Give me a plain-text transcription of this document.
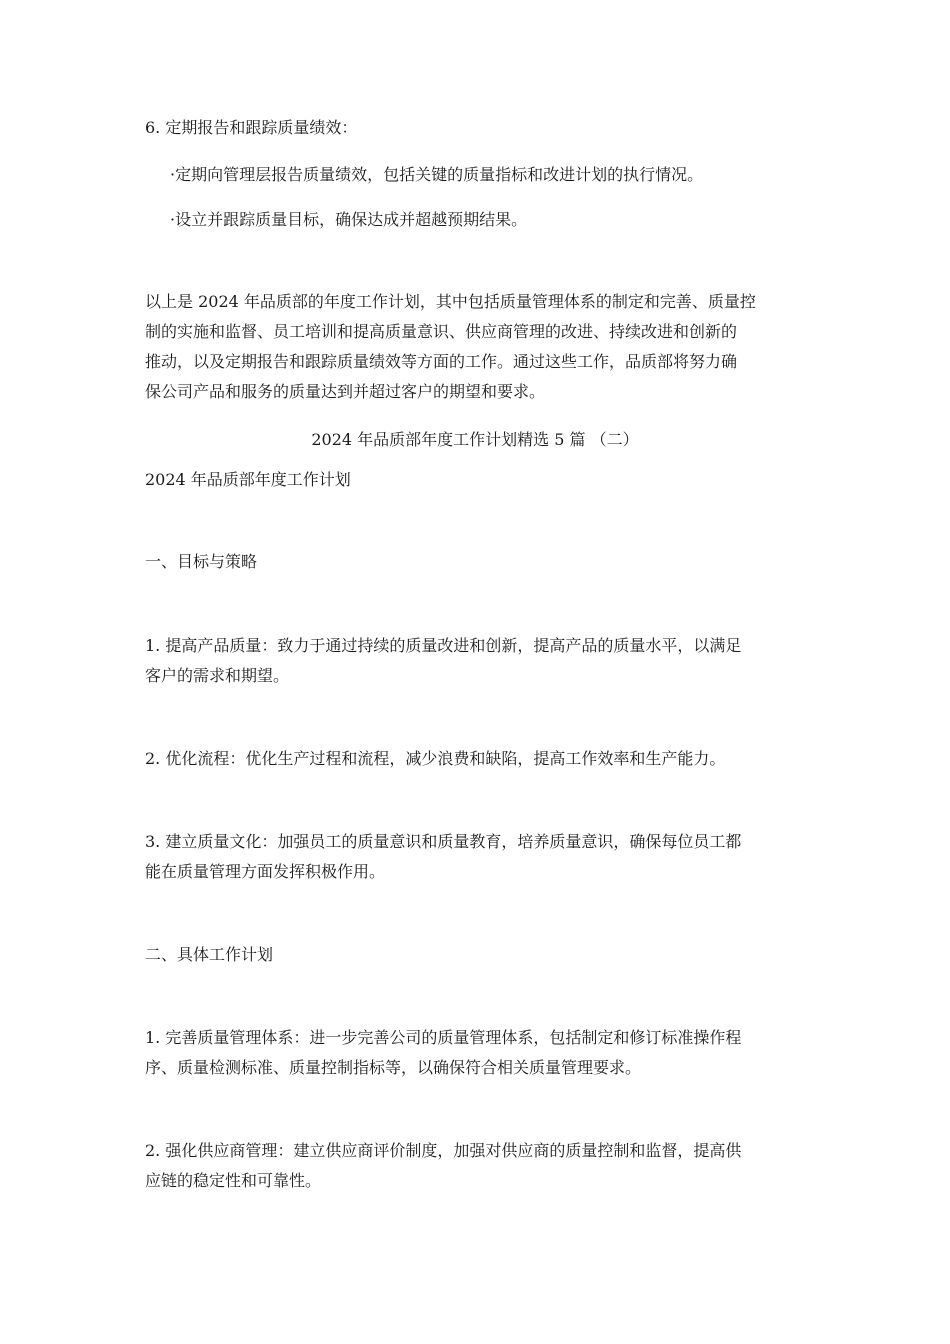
6. 定期报告和跟踪质量绩效：
·定期向管理层报告质量绩效，包括关键的质量指标和改进计划的执行情况。
·设立并跟踪质量目标，确保达成并超越预期结果。
以上是 2024 年品质部的年度工作计划，其中包括质量管理体系的制定和完善、质量控
制的实施和监督、员工培训和提高质量意识、供应商管理的改进、持续改进和创新的
推动，以及定期报告和跟踪质量绩效等方面的工作。通过这些工作，品质部将努力确
保公司产品和服务的质量达到并超过客户的期望和要求。
2024 年品质部年度工作计划精选 5 篇 （二）
2024 年品质部年度工作计划
一、目标与策略
1. 提高产品质量：致力于通过持续的质量改进和创新，提高产品的质量水平，以满足
客户的需求和期望。
2. 优化流程：优化生产过程和流程，减少浪费和缺陷，提高工作效率和生产能力。
3. 建立质量文化：加强员工的质量意识和质量教育，培养质量意识，确保每位员工都
能在质量管理方面发挥积极作用。
二、具体工作计划
1. 完善质量管理体系：进一步完善公司的质量管理体系，包括制定和修订标准操作程
序、质量检测标准、质量控制指标等，以确保符合相关质量管理要求。
2. 强化供应商管理：建立供应商评价制度，加强对供应商的质量控制和监督，提高供
应链的稳定性和可靠性。
